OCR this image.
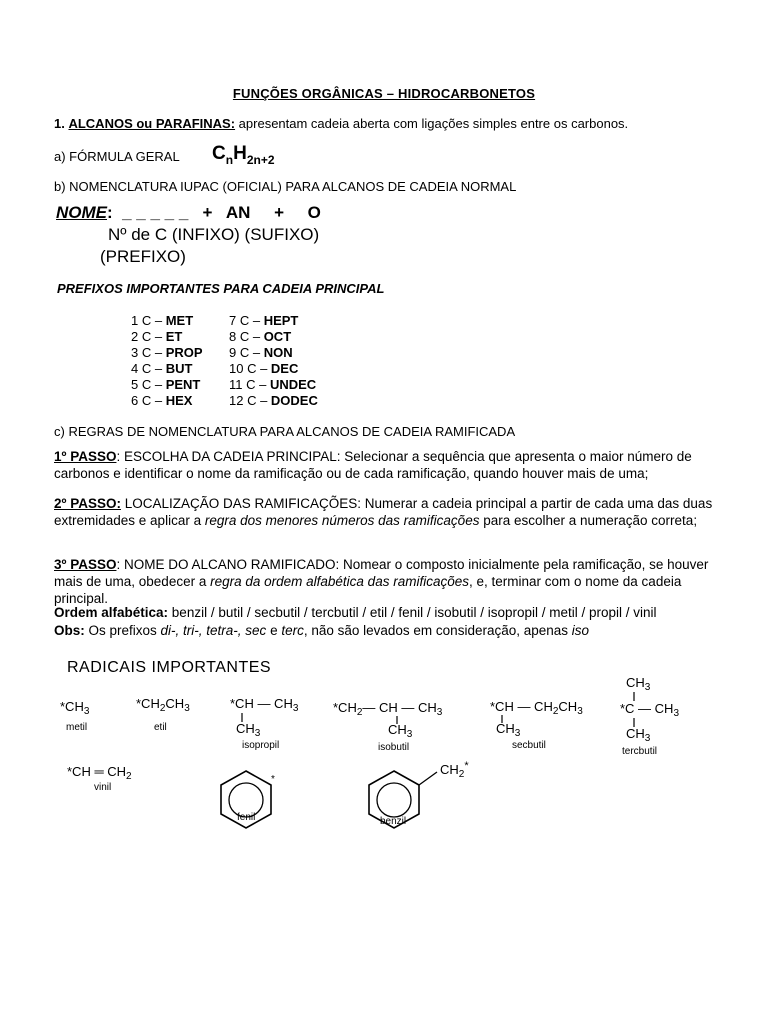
FUNÇÕES ORGÂNICAS – HIDROCARBONETOS
1. ALCANOS ou PARAFINAS: apresentam cadeia aberta com ligações simples entre os carbonos.
a) FÓRMULA GERAL $C_nH_{2n+2}$
b) NOMENCLATURA IUPAC (OFICIAL) PARA ALCANOS DE CADEIA NORMAL
NOME:  _ _ _ _ _   +   AN     +     O
Nº de C (INFIXO) (SUFIXO)
(PREFIXO)
PREFIXOS IMPORTANTES PARA CADEIA PRINCIPAL
1 C – MET	7 C – HEPT
2 C – ET	8 C – OCT
3 C – PROP	9 C – NON
4 C – BUT	10 C – DEC
5 C – PENT	11 C – UNDEC
6 C – HEX	12 C – DODEC
c) REGRAS DE NOMENCLATURA PARA ALCANOS DE CADEIA RAMIFICADA
1º PASSO: ESCOLHA DA CADEIA PRINCIPAL: Selecionar a sequência que apresenta o maior número de carbonos e identificar o nome da ramificação ou de cada ramificação, quando houver mais de uma;
2º PASSO: LOCALIZAÇÃO DAS RAMIFICAÇÕES: Numerar a cadeia principal a partir de cada uma das duas extremidades e aplicar a regra dos menores números das ramificações para escolher a numeração correta;
3º PASSO: NOME DO ALCANO RAMIFICADO: Nomear o composto inicialmente pela ramificação, se houver mais de uma, obedecer a regra da ordem alfabética das ramificações, e, terminar com o nome da cadeia principal.
Ordem alfabética: benzil / butil / secbutil / tercbutil / etil / fenil / isobutil / isopropil / metil / propil / vinil
Obs: Os prefixos di-, tri-, tetra-, sec e terc, não são levados em consideração, apenas iso
RADICAIS IMPORTANTES
$*CH_3$
metil
$*CH_2CH_3$
etil
*CH — $CH_3$
$CH_3$
isopropil
$*CH_2—$ CH — $CH_3$
$CH_3$
isobutil
*CH — $CH_2CH_3$
$CH_3$
secbutil
$CH_3$
*C — $CH_3$
$CH_3$
tercbutil
*CH ═ $CH_2$
vinil
*
$CH_2^*$
fenil	benzil
